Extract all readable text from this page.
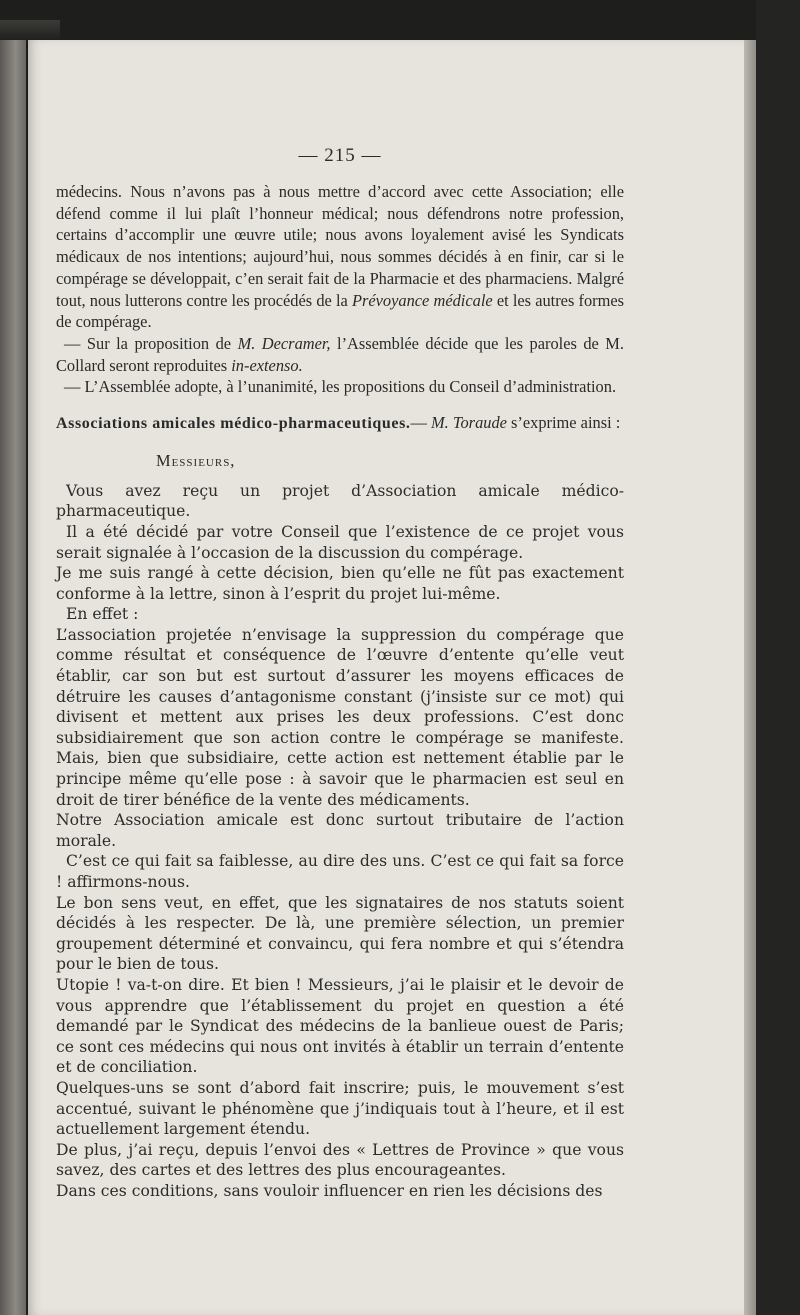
— 215 —

médecins. Nous n’avons pas à nous mettre d’accord avec cette Association; elle défend comme il lui plaît l’honneur médical; nous défendrons notre profession, certains d’accomplir une œuvre utile; nous avons loyalement avisé les Syndicats médicaux de nos intentions; aujourd’hui, nous sommes décidés à en finir, car si le compérage se développait, c’en serait fait de la Pharmacie et des pharmaciens. Malgré tout, nous lutterons contre les procédés de la Prévoyance médicale et les autres formes de compérage.

— Sur la proposition de M. Decramer, l’Assemblée décide que les paroles de M. Collard seront reproduites in-extenso.

— L’Assemblée adopte, à l’unanimité, les propositions du Conseil d’administration.

Associations amicales médico-pharmaceutiques.— M. Toraude s’exprime ainsi :
Messieurs,

Vous avez reçu un projet d’Association amicale médico-pharmaceutique.

Il a été décidé par votre Conseil que l’existence de ce projet vous serait signalée à l’occasion de la discussion du compérage.

Je me suis rangé à cette décision, bien qu’elle ne fût pas exactement conforme à la lettre, sinon à l’esprit du projet lui-même.

En effet :

L’association projetée n’envisage la suppression du compérage que comme résultat et conséquence de l’œuvre d’entente qu’elle veut établir, car son but est surtout d’assurer les moyens efficaces de détruire les causes d’antagonisme constant (j’insiste sur ce mot) qui divisent et mettent aux prises les deux professions. C’est donc subsidiairement que son action contre le compérage se manifeste. Mais, bien que subsidiaire, cette action est nettement établie par le principe même qu’elle pose : à savoir que le pharmacien est seul en droit de tirer bénéfice de la vente des médicaments.

Notre Association amicale est donc surtout tributaire de l’action morale.

C’est ce qui fait sa faiblesse, au dire des uns. C’est ce qui fait sa force ! affirmons-nous.

Le bon sens veut, en effet, que les signataires de nos statuts soient décidés à les respecter. De là, une première sélection, un premier groupement déterminé et convaincu, qui fera nombre et qui s’étendra pour le bien de tous.

Utopie ! va-t-on dire. Et bien ! Messieurs, j’ai le plaisir et le devoir de vous apprendre que l’établissement du projet en question a été demandé par le Syndicat des médecins de la banlieue ouest de Paris; ce sont ces médecins qui nous ont invités à établir un terrain d’entente et de conciliation.

Quelques-uns se sont d’abord fait inscrire; puis, le mouvement s’est accentué, suivant le phénomène que j’indiquais tout à l’heure, et il est actuellement largement étendu.

De plus, j’ai reçu, depuis l’envoi des « Lettres de Province » que vous savez, des cartes et des lettres des plus encourageantes.

Dans ces conditions, sans vouloir influencer en rien les décisions des
